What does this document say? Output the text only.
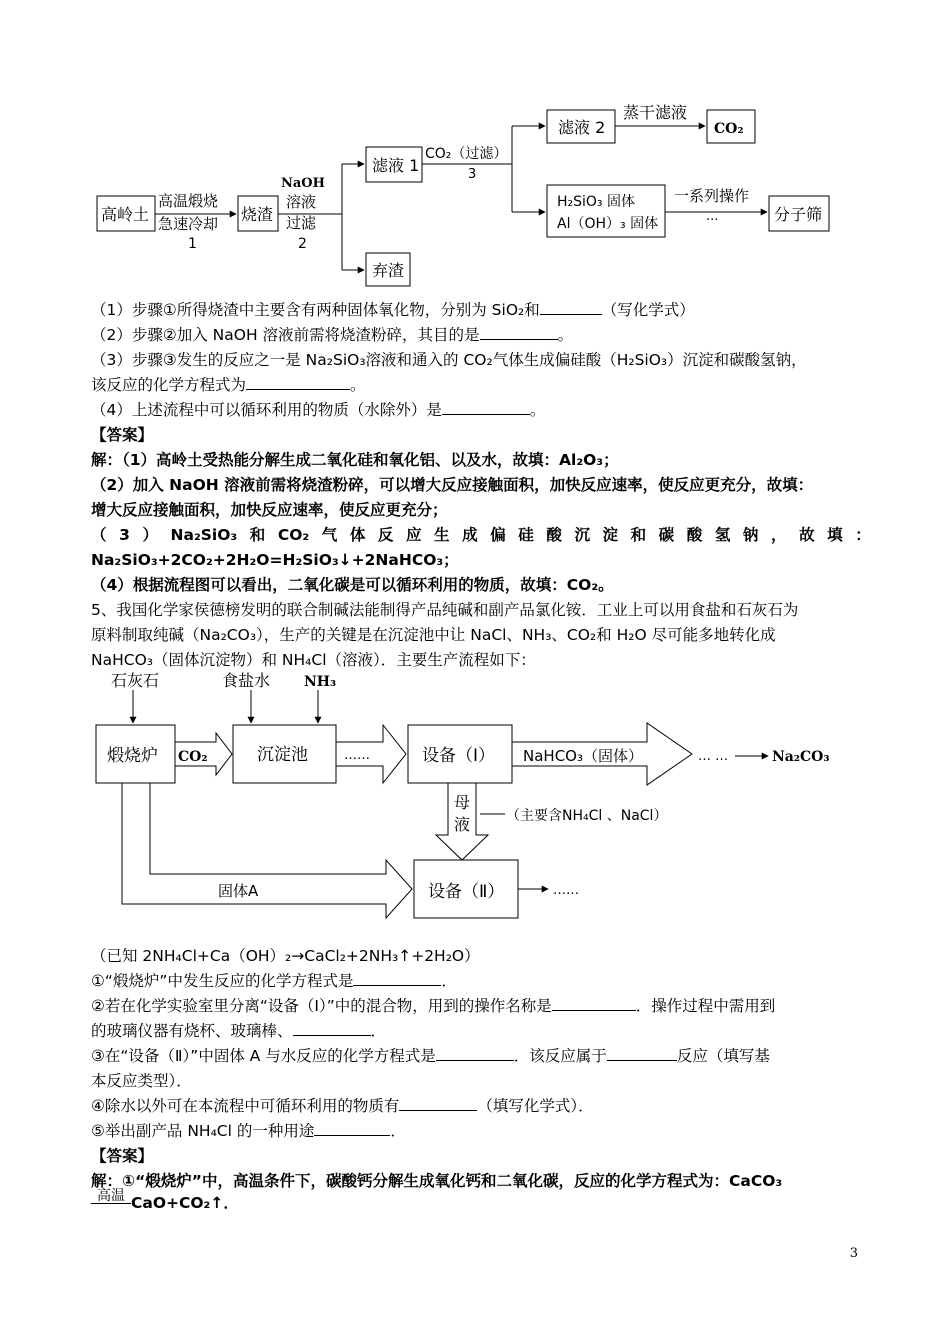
高岭土
高温煅烧
急速冷却
1
烧渣
NaOH
溶液
过滤
2
滤液 1
弃渣
CO₂（过滤）
3
滤液 2
蒸干滤液
CO₂
H₂SiO₃ 固体
Al（OH）₃ 固体
一系列操作
···	分子筛
（1）步骤①所得烧渣中主要含有两种固体氧化物，分别为 SiO₂和	（写化学式）
（2）步骤②加入 NaOH 溶液前需将烧渣粉碎，其目的是	。
（3）步骤③发生的反应之一是 Na₂SiO₃溶液和通入的 CO₂气体生成偏硅酸（H₂SiO₃）沉淀和碳酸氢钠，
该反应的化学方程式为	。
（4）上述流程中可以循环利用的物质（水除外）是	。
【答案】
解：（1）高岭土受热能分解生成二氧化硅和氧化铝、以及水，故填：Al₂O₃；
（2）加入 NaOH 溶液前需将烧渣粉碎，可以增大反应接触面积，加快反应速率，使反应更充分，故填：
增大反应接触面积，加快反应速率，使反应更充分；
（ 3 ） Na₂SiO₃ 和 CO₂ 气 体 反 应 生 成 偏 硅 酸 沉 淀 和 碳 酸 氢 钠 ， 故 填 ：
Na₂SiO₃+2CO₂+2H₂O=H₂SiO₃↓+2NaHCO₃；
（4）根据流程图可以看出，二氧化碳是可以循环利用的物质，故填：CO₂。
5、我国化学家侯德榜发明的联合制碱法能制得产品纯碱和副产品氯化铵．工业上可以用食盐和石灰石为
原料制取纯碱（Na₂CO₃），生产的关键是在沉淀池中让 NaCl、NH₃、CO₂和 H₂O 尽可能多地转化成
NaHCO₃（固体沉淀物）和 NH₄Cl（溶液）．主要生产流程如下：
石灰石	食盐水 NH₃
煅烧炉 CO₂	沉淀池	……	设备（Ⅰ） NaHCO₃（固体）	… …	Na₂CO₃
母
液	（主要含NH₄Cl 、NaCl）
固体A	设备（Ⅱ）	……
（已知 2NH₄Cl+Ca（OH）₂→CaCl₂+2NH₃↑+2H₂O）
①“煅烧炉”中发生反应的化学方程式是	．
②若在化学实验室里分离“设备（I）”中的混合物，用到的操作名称是	．操作过程中需用到
的玻璃仪器有烧杯、玻璃棒、	．
③在“设备（Ⅱ）”中固体 A 与水反应的化学方程式是	．该反应属于	反应（填写基
本反应类型）．
④除水以外可在本流程中可循环利用的物质有	（填写化学式）．
⑤举出副产品 NH₄Cl 的一种用途	．
【答案】
解：①“煅烧炉”中，高温条件下，碳酸钙分解生成氧化钙和二氧化碳，反应的化学方程式为：CaCO₃
高温 CaO+CO₂↑．
3
